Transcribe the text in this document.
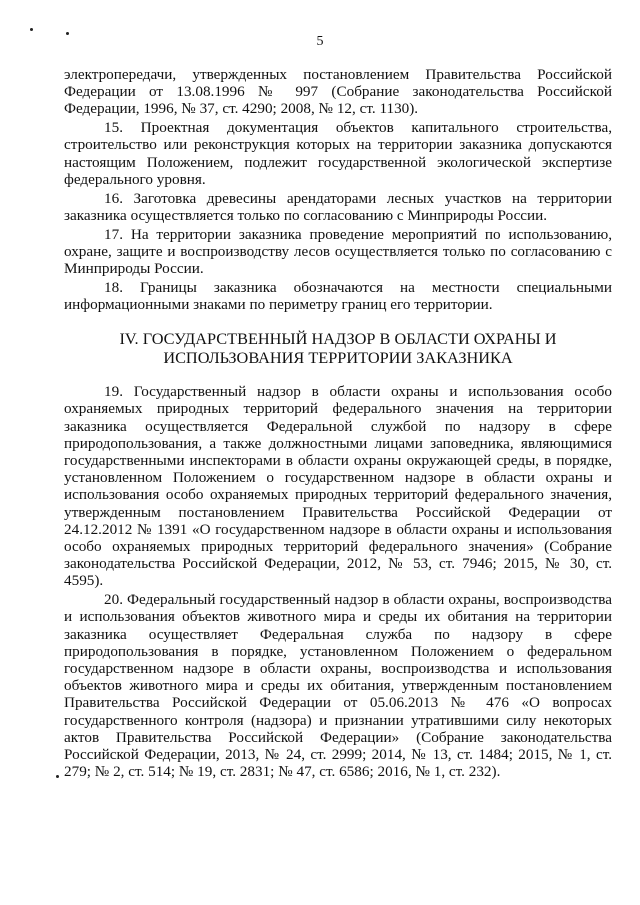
5

электропередачи, утвержденных постановлением Правительства Российской Федерации от 13.08.1996 № 997 (Собрание законодательства Российской Федерации, 1996, № 37, ст. 4290; 2008, № 12, ст. 1130).

15. Проектная документация объектов капитального строительства, строительство или реконструкция которых на территории заказника допускаются настоящим Положением, подлежит государственной экологической экспертизе федерального уровня.

16. Заготовка древесины арендаторами лесных участков на территории заказника осуществляется только по согласованию с Минприроды России.

17. На территории заказника проведение мероприятий по использованию, охране, защите и воспроизводству лесов осуществляется только по согласованию с Минприроды России.

18. Границы заказника обозначаются на местности специальными информационными знаками по периметру границ его территории.

IV. ГОСУДАРСТВЕННЫЙ НАДЗОР В ОБЛАСТИ ОХРАНЫ И
ИСПОЛЬЗОВАНИЯ ТЕРРИТОРИИ ЗАКАЗНИКА

19. Государственный надзор в области охраны и использования особо охраняемых природных территорий федерального значения на территории заказника осуществляется Федеральной службой по надзору в сфере природопользования, а также должностными лицами заповедника, являющимися государственными инспекторами в области охраны окружающей среды, в порядке, установленном Положением о государственном надзоре в области охраны и использования особо охраняемых природных территорий федерального значения, утвержденным постановлением Правительства Российской Федерации от 24.12.2012 № 1391 «О государственном надзоре в области охраны и использования особо охраняемых природных территорий федерального значения» (Собрание законодательства Российской Федерации, 2012, № 53, ст. 7946; 2015, № 30, ст. 4595).

20. Федеральный государственный надзор в области охраны, воспроизводства и использования объектов животного мира и среды их обитания на территории заказника осуществляет Федеральная служба по надзору в сфере природопользования в порядке, установленном Положением о федеральном государственном надзоре в области охраны, воспроизводства и использования объектов животного мира и среды их обитания, утвержденным постановлением Правительства Российской Федерации от 05.06.2013 № 476 «О вопросах государственного контроля (надзора) и признании утратившими силу некоторых актов Правительства Российской Федерации» (Собрание законодательства Российской Федерации, 2013, № 24, ст. 2999; 2014, № 13, ст. 1484; 2015, № 1, ст. 279; № 2, ст. 514; № 19, ст. 2831; № 47, ст. 6586; 2016, № 1, ст. 232).
